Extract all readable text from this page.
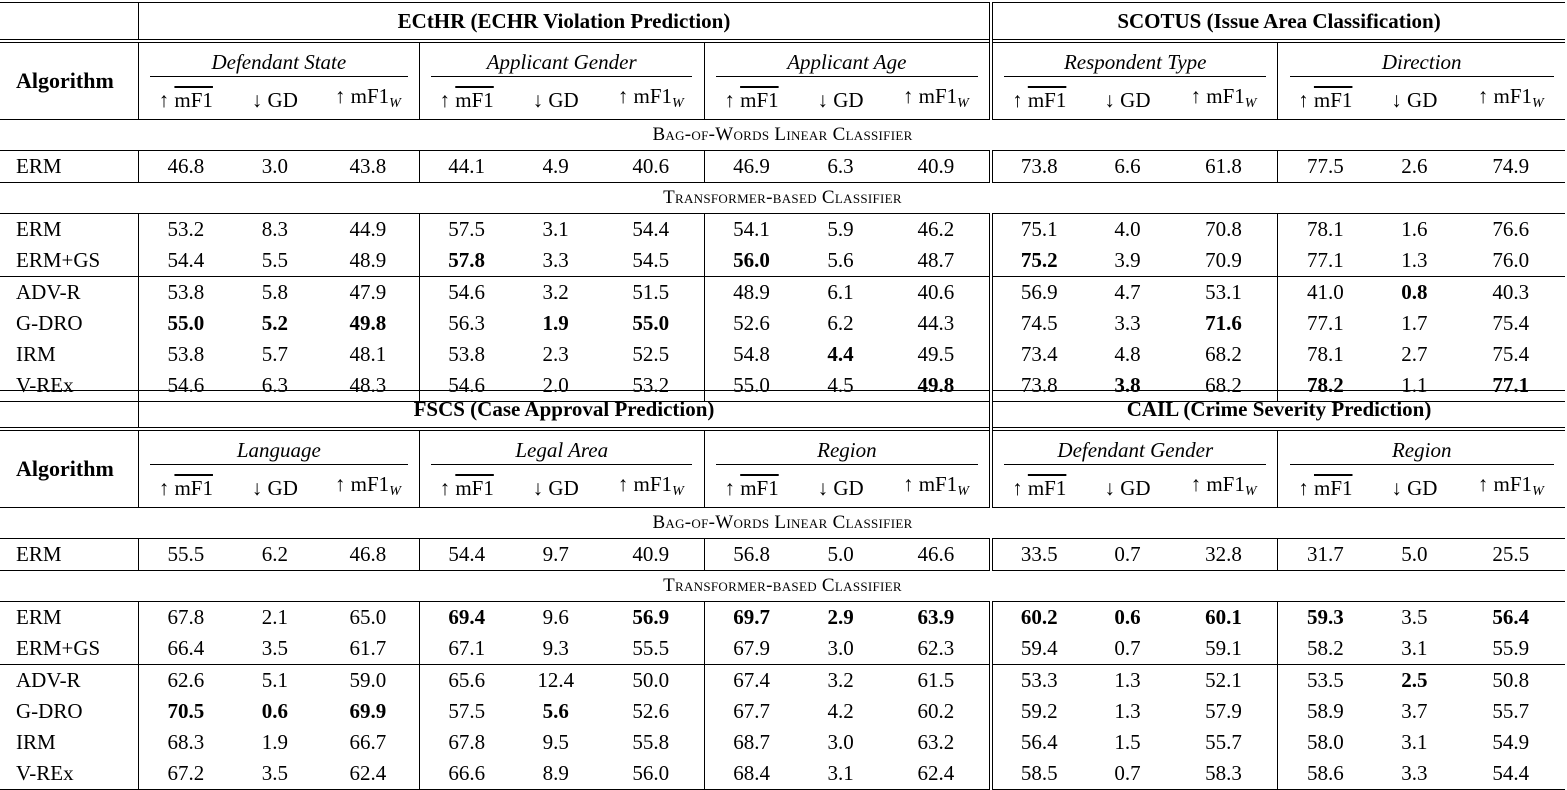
	ECtHR (ECHR Violation Prediction)									SCOTUS (Issue Area Classification)					
Algorithm	Defendant State			Applicant Gender			Applicant Age			Respondent Type			Direction		
	↑ mF1	↓ GD	↑ $mF1_W$	↑ mF1	↓ GD	↑ $mF1_W$	↑ mF1	↓ GD	↑ $mF1_W$	↑ mF1	↓ GD	↑ $mF1_W$	↑ mF1	↓ GD	↑ $mF1_W$
Bag-of-Words Linear Classifier															
ERM	46.8	3.0	43.8	44.1	4.9	40.6	46.9	6.3	40.9	73.8	6.6	61.8	77.5	2.6	74.9
Transformer-based Classifier															
ERM	53.2	8.3	44.9	57.5	3.1	54.4	54.1	5.9	46.2	75.1	4.0	70.8	78.1	1.6	76.6
ERM+GS	54.4	5.5	48.9	57.8	3.3	54.5	56.0	5.6	48.7	75.2	3.9	70.9	77.1	1.3	76.0
ADV-R	53.8	5.8	47.9	54.6	3.2	51.5	48.9	6.1	40.6	56.9	4.7	53.1	41.0	0.8	40.3
G-DRO	55.0	5.2	49.8	56.3	1.9	55.0	52.6	6.2	44.3	74.5	3.3	71.6	77.1	1.7	75.4
IRM	53.8	5.7	48.1	53.8	2.3	52.5	54.8	4.4	49.5	73.4	4.8	68.2	78.1	2.7	75.4
V-REx	54.6	6.3	48.3	54.6	2.0	53.2	55.0	4.5	49.8	73.8	3.8	68.2	78.2	1.1	77.1
	FSCS (Case Approval Prediction)									CAIL (Crime Severity Prediction)					
Algorithm	Language			Legal Area			Region			Defendant Gender			Region		
	↑ mF1	↓ GD	↑ $mF1_W$	↑ mF1	↓ GD	↑ $mF1_W$	↑ mF1	↓ GD	↑ $mF1_W$	↑ mF1	↓ GD	↑ $mF1_W$	↑ mF1	↓ GD	↑ $mF1_W$
Bag-of-Words Linear Classifier															
ERM	55.5	6.2	46.8	54.4	9.7	40.9	56.8	5.0	46.6	33.5	0.7	32.8	31.7	5.0	25.5
Transformer-based Classifier															
ERM	67.8	2.1	65.0	69.4	9.6	56.9	69.7	2.9	63.9	60.2	0.6	60.1	59.3	3.5	56.4
ERM+GS	66.4	3.5	61.7	67.1	9.3	55.5	67.9	3.0	62.3	59.4	0.7	59.1	58.2	3.1	55.9
ADV-R	62.6	5.1	59.0	65.6	12.4	50.0	67.4	3.2	61.5	53.3	1.3	52.1	53.5	2.5	50.8
G-DRO	70.5	0.6	69.9	57.5	5.6	52.6	67.7	4.2	60.2	59.2	1.3	57.9	58.9	3.7	55.7
IRM	68.3	1.9	66.7	67.8	9.5	55.8	68.7	3.0	63.2	56.4	1.5	55.7	58.0	3.1	54.9
V-REx	67.2	3.5	62.4	66.6	8.9	56.0	68.4	3.1	62.4	58.5	0.7	58.3	58.6	3.3	54.4
